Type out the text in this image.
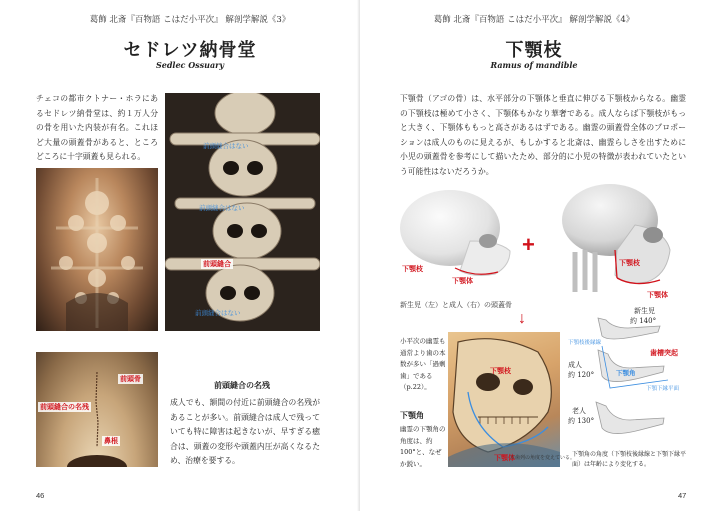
葛飾 北斎『百物語 こはだ小平次』 解剖学解説《3》
セドレツ納骨堂
Sedlec Ossuary
チェコの都市クトナー・ホラにあるセドレツ納骨堂は、約１万人分の骨を用いた内装が有名。これほど大量の頭蓋骨があると、ところどころに十字頭蓋も見られる。
前頭縫合はない
前頭縫合はない
前頭縫合
前頭縫合はない
前頭骨
前頭縫合の名残
鼻根
前頭縫合の名残
成人でも、額間の付近に前頭縫合の名残があることが多い。前頭縫合は成人で残っていても特に障害は起きないが、早すぎる癒合は、頭蓋の変形や頭蓋内圧が高くなるため、治療を要する。
46
葛飾 北斎『百物語 こはだ小平次』 解剖学解説《4》
下顎枝
Ramus of mandible
下顎骨（アゴの骨）は、水平部分の下顎体と垂直に伸びる下顎枝からなる。幽霊の下顎枝は極めて小さく、下顎体もかなり華奢である。成人ならば下顎枝がもっと大きく、下顎体ももっと高さがあるはずである。幽霊の頭蓋骨全体のプロポーションは成人のものに見えるが、もしかすると北斎は、幽霊らしさを出すために小児の頭蓋骨を参考にして描いたため、部分的に小児の特徴が表われていたという可能性はないだろうか。
下顎枝
下顎体
+
下顎枝
下顎体
新生児（左）と成人（右）の頭蓋骨
↓
小平次の幽霊も通常より歯の本数が多い「過剰歯」である（p.22）。
下顎角
幽霊の下顎角の角度は、約100°と、なぜか鋭い。
下顎枝
下顎体
※歯列の角度を変えている。
新生児
約 140°
下顎枝後縁線
歯槽突起
成人
約 120°	下顎角
下顎下縁平面
老人
約 130°
下顎角の角度（下顎枝後縁線と下顎下縁平面）は年齢により変化する。
47
